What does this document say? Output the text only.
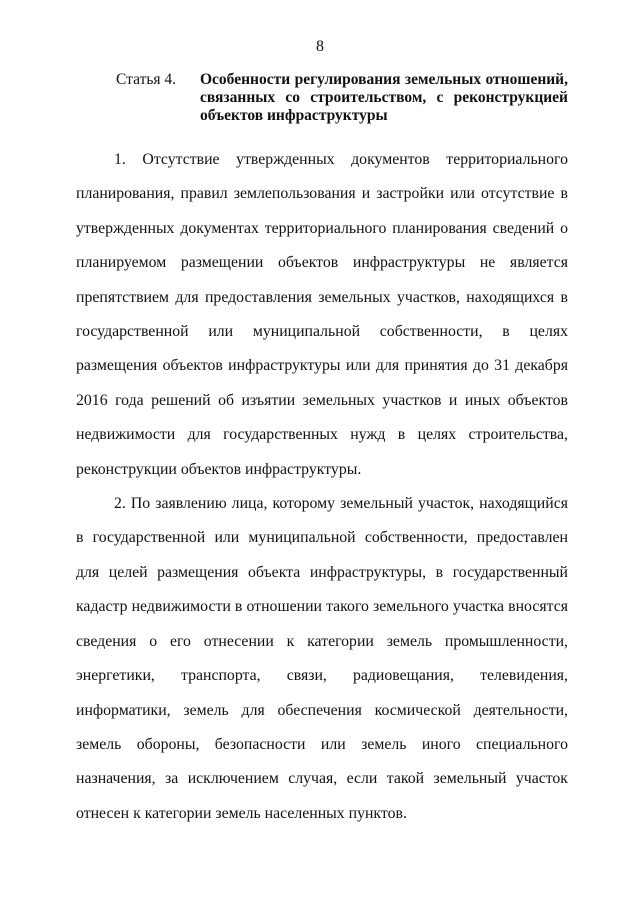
8
Статья 4. Особенности регулирования земельных отношений, связанных со строительством, с реконструкцией объектов инфраструктуры

1. Отсутствие утвержденных документов территориального планирования, правил землепользования и застройки или отсутствие в утвержденных документах территориального планирования сведений о планируемом размещении объектов инфраструктуры не является препятствием для предоставления земельных участков, находящихся в государственной или муниципальной собственности, в целях размещения объектов инфраструктуры или для принятия до 31 декабря 2016 года решений об изъятии земельных участков и иных объектов недвижимости для государственных нужд в целях строительства, реконструкции объектов инфраструктуры.

2. По заявлению лица, которому земельный участок, находящийся в государственной или муниципальной собственности, предоставлен для целей размещения объекта инфраструктуры, в государственный кадастр недвижимости в отношении такого земельного участка вносятся сведения о его отнесении к категории земель промышленности, энергетики, транспорта, связи, радиовещания, телевидения, информатики, земель для обеспечения космической деятельности, земель обороны, безопасности или земель иного специального назначения, за исключением случая, если такой земельный участок отнесен к категории земель населенных пунктов.
